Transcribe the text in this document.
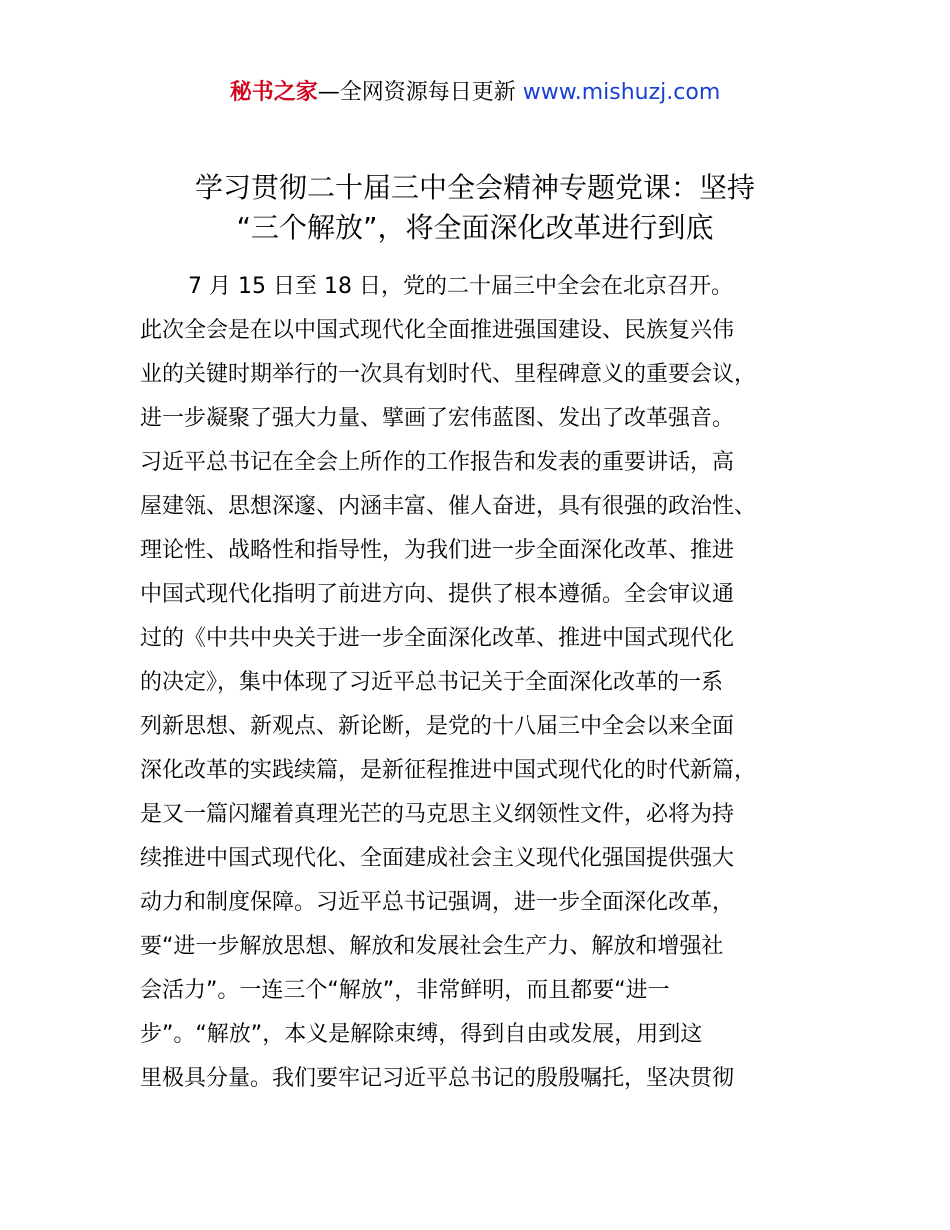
秘书之家—全网资源每日更新 www.mishuzj.com
学习贯彻二十届三中全会精神专题党课：坚持
“三个解放”，将全面深化改革进行到底
7 月 15 日至 18 日，党的二十届三中全会在北京召开。
此次全会是在以中国式现代化全面推进强国建设、民族复兴伟
业的关键时期举行的一次具有划时代、里程碑意义的重要会议，
进一步凝聚了强大力量、擘画了宏伟蓝图、发出了改革强音。
习近平总书记在全会上所作的工作报告和发表的重要讲话，高
屋建瓴、思想深邃、内涵丰富、催人奋进，具有很强的政治性、
理论性、战略性和指导性，为我们进一步全面深化改革、推进
中国式现代化指明了前进方向、提供了根本遵循。全会审议通
过的《中共中央关于进一步全面深化改革、推进中国式现代化
的决定》，集中体现了习近平总书记关于全面深化改革的一系
列新思想、新观点、新论断，是党的十八届三中全会以来全面
深化改革的实践续篇，是新征程推进中国式现代化的时代新篇，
是又一篇闪耀着真理光芒的马克思主义纲领性文件，必将为持
续推进中国式现代化、全面建成社会主义现代化强国提供强大
动力和制度保障。习近平总书记强调，进一步全面深化改革，
要“进一步解放思想、解放和发展社会生产力、解放和增强社
会活力”。一连三个“解放”，非常鲜明，而且都要“进一
步”。“解放”，本义是解除束缚，得到自由或发展，用到这
里极具分量。我们要牢记习近平总书记的殷殷嘱托，坚决贯彻
